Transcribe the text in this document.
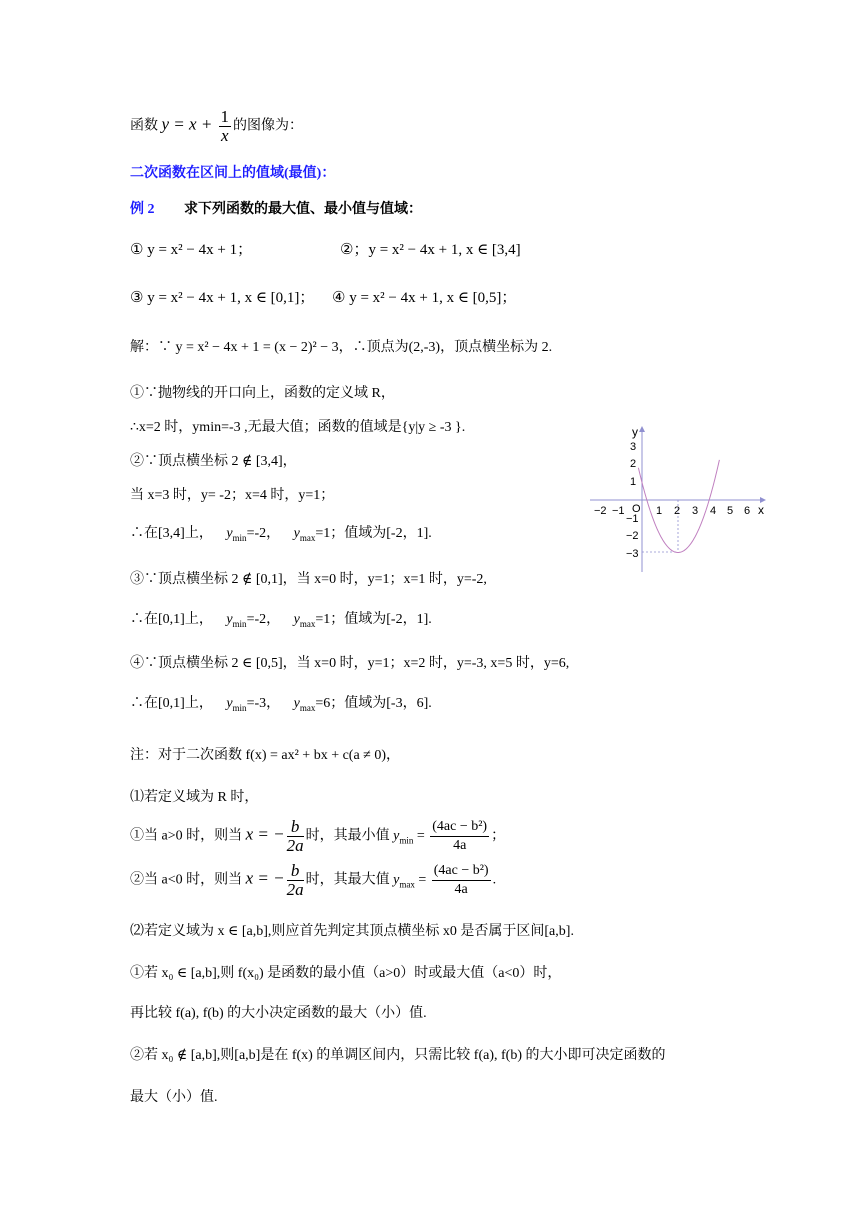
函数 $y = x + \frac{1}{x}$ 的图像为：
二次函数在区间上的值域(最值)：
例 2 求下列函数的最大值、最小值与值域：
① y = x² − 4x + 1；	②；y = x² − 4x + 1, x ∈ [3,4]
③ y = x² − 4x + 1, x ∈ [0,1]； ④ y = x² − 4x + 1, x ∈ [0,5]；
解：∵ y = x² − 4x + 1 = (x − 2)² − 3，∴顶点为(2,-3)，顶点横坐标为 2.
①∵抛物线的开口向上，函数的定义域 R，
∴x=2 时，ymin=-3 ,无最大值；函数的值域是{y|y ≥ -3 }.
②∵顶点横坐标 2 ∉ [3,4]，
当 x=3 时，y= -2；x=4 时，y=1；
∴在[3,4]上， $y_{min}=-2$， $y_{max}=1$；值域为[-2，1].
③∵顶点横坐标 2 ∉ [0,1]，当 x=0 时，y=1；x=1 时，y=-2,
∴在[0,1]上， $y_{min}=-2$， $y_{max}=1$；值域为[-2，1].
④∵顶点横坐标 2 ∈ [0,5]，当 x=0 时，y=1；x=2 时，y=-3, x=5 时，y=6,
∴在[0,1]上， $y_{min}=-3$， $y_{max}=6$；值域为[-3，6].
注：对于二次函数 f(x) = ax² + bx + c(a ≠ 0)，
⑴若定义域为 R 时，
①当 a>0 时，则当 x = − $\frac{b}{2a}$ 时，其最小值 $y_{min} = \frac{\text{(4ac − b²)}}{4a}$ ；
②当 a<0 时，则当 x = − $\frac{b}{2a}$ 时，其最大值 $y_{max} = \frac{\text{(4ac − b²)}}{4a}$ .
⑵若定义域为 x ∈ [a,b],则应首先判定其顶点横坐标 x0 是否属于区间[a,b].
①若 x₀ ∈ [a,b],则 f(x₀) 是函数的最小值（a>0）时或最大值（a<0）时，
再比较 f(a), f(b) 的大小决定函数的最大（小）值.
②若 x₀ ∉ [a,b],则[a,b]是在 f(x) 的单调区间内，只需比较 f(a), f(b) 的大小即可决定函数的
最大（小）值.
x
y
O
−2 −1	1 2 3 4 5 6
3
2
1
−1
−2
−3
